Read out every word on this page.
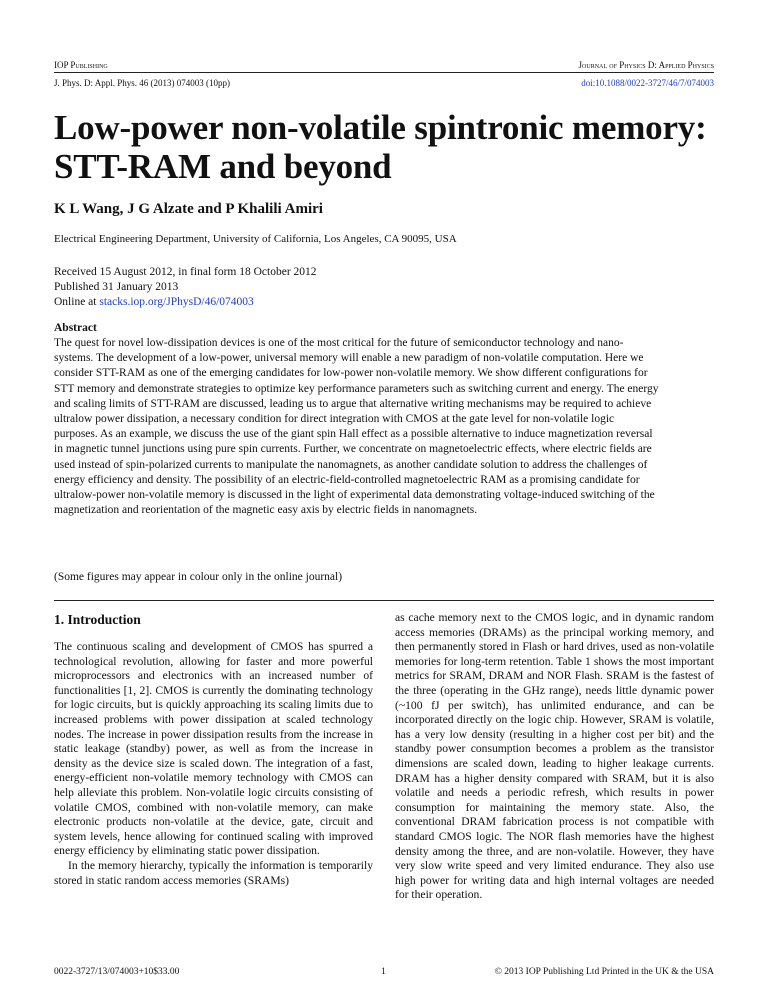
IOP Publishing	Journal of Physics D: Applied Physics
J. Phys. D: Appl. Phys. 46 (2013) 074003 (10pp)	doi:10.1088/0022-3727/46/7/074003
Low-power non-volatile spintronic memory: STT-RAM and beyond
K L Wang, J G Alzate and P Khalili Amiri
Electrical Engineering Department, University of California, Los Angeles, CA 90095, USA
Received 15 August 2012, in final form 18 October 2012
Published 31 January 2013
Online at stacks.iop.org/JPhysD/46/074003
Abstract
The quest for novel low-dissipation devices is one of the most critical for the future of semiconductor technology and nano-systems. The development of a low-power, universal memory will enable a new paradigm of non-volatile computation. Here we consider STT-RAM as one of the emerging candidates for low-power non-volatile memory. We show different configurations for STT memory and demonstrate strategies to optimize key performance parameters such as switching current and energy. The energy and scaling limits of STT-RAM are discussed, leading us to argue that alternative writing mechanisms may be required to achieve ultralow power dissipation, a necessary condition for direct integration with CMOS at the gate level for non-volatile logic purposes. As an example, we discuss the use of the giant spin Hall effect as a possible alternative to induce magnetization reversal in magnetic tunnel junctions using pure spin currents. Further, we concentrate on magnetoelectric effects, where electric fields are used instead of spin-polarized currents to manipulate the nanomagnets, as another candidate solution to address the challenges of energy efficiency and density. The possibility of an electric-field-controlled magnetoelectric RAM as a promising candidate for ultralow-power non-volatile memory is discussed in the light of experimental data demonstrating voltage-induced switching of the magnetization and reorientation of the magnetic easy axis by electric fields in nanomagnets.
(Some figures may appear in colour only in the online journal)
1. Introduction

The continuous scaling and development of CMOS has spurred a technological revolution, allowing for faster and more powerful microprocessors and electronics with an increased number of functionalities [1, 2]. CMOS is currently the dominating technology for logic circuits, but is quickly approaching its scaling limits due to increased problems with power dissipation at scaled technology nodes. The increase in power dissipation results from the increase in static leakage (standby) power, as well as from the increase in density as the device size is scaled down. The integration of a fast, energy-efficient non-volatile memory technology with CMOS can help alleviate this problem. Non-volatile logic circuits consisting of volatile CMOS, combined with non-volatile memory, can make electronic products non-volatile at the device, gate, circuit and system levels, hence allowing for continued scaling with improved energy efficiency by eliminating static power dissipation.

In the memory hierarchy, typically the information is temporarily stored in static random access memories (SRAMs)

as cache memory next to the CMOS logic, and in dynamic random access memories (DRAMs) as the principal working memory, and then permanently stored in Flash or hard drives, used as non-volatile memories for long-term retention. Table 1 shows the most important metrics for SRAM, DRAM and NOR Flash. SRAM is the fastest of the three (operating in the GHz range), needs little dynamic power (~100 fJ per switch), has unlimited endurance, and can be incorporated directly on the logic chip. However, SRAM is volatile, has a very low density (resulting in a higher cost per bit) and the standby power consumption becomes a problem as the transistor dimensions are scaled down, leading to higher leakage currents. DRAM has a higher density compared with SRAM, but it is also volatile and needs a periodic refresh, which results in power consumption for maintaining the memory state. Also, the conventional DRAM fabrication process is not compatible with standard CMOS logic. The NOR flash memories have the highest density among the three, and are non-volatile. However, they have very slow write speed and very limited endurance. They also use high power for writing data and high internal voltages are needed for their operation.

0022-3727/13/074003+10$33.00	1	© 2013 IOP Publishing Ltd Printed in the UK & the USA
